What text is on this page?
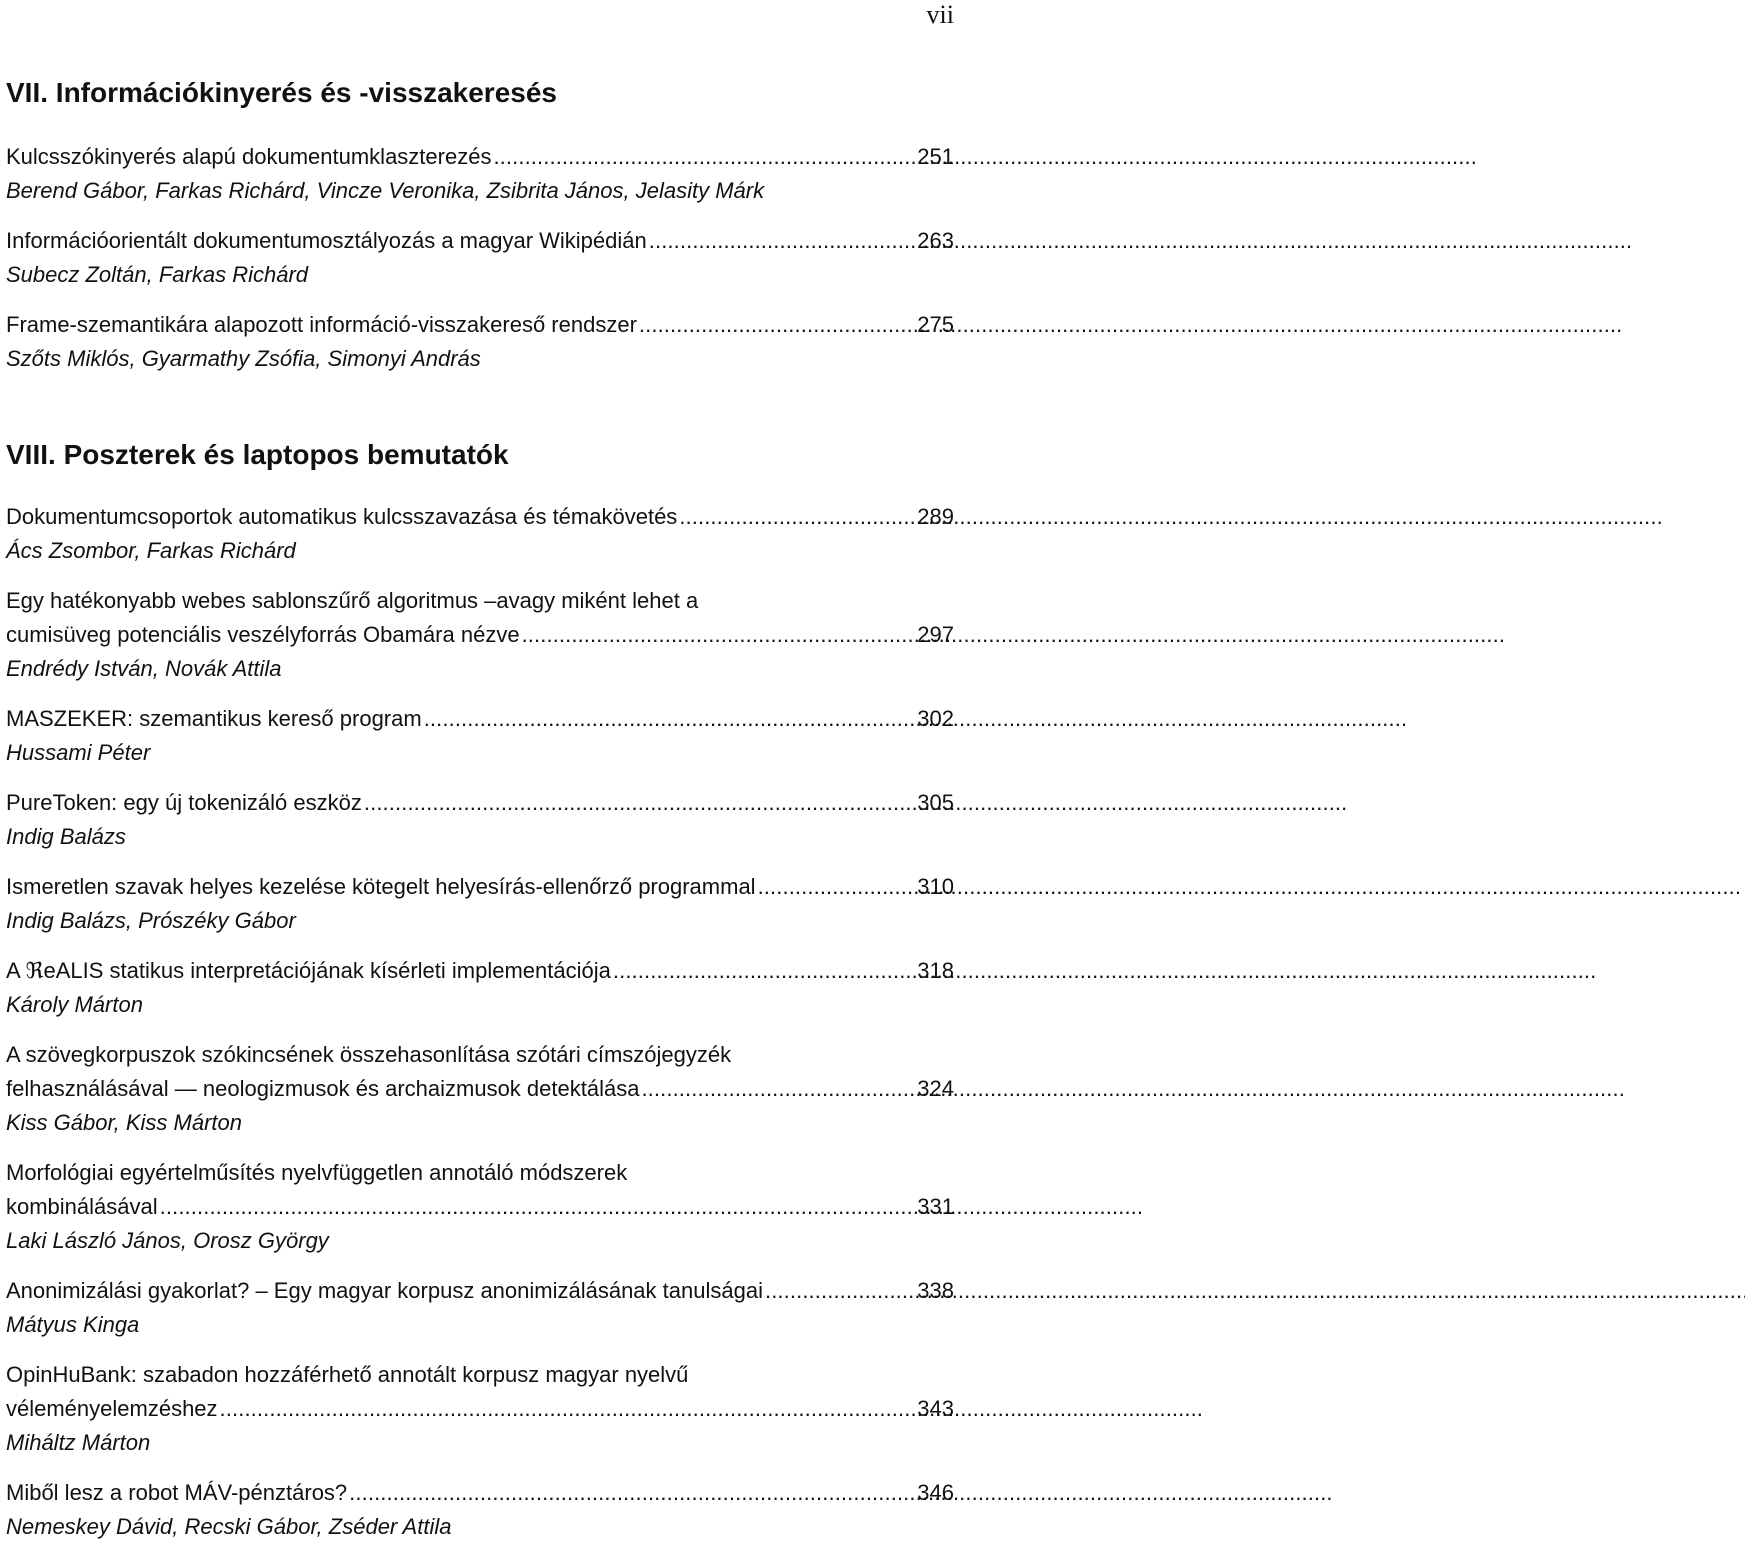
vii
VII. Információkinyerés és -visszakeresés
Kulcsszókinyerés alapú dokumentumklaszterezés . . .	251
Berend Gábor, Farkas Richárd, Vincze Veronika, Zsibrita János, Jelasity Márk
Információorientált dokumentumosztályozás a magyar Wikipédián . . .	263
Subecz Zoltán, Farkas Richárd
Frame-szemantikára alapozott információ-visszakereső rendszer . . .	275
Szőts Miklós, Gyarmathy Zsófia, Simonyi András
VIII. Poszterek és laptopos bemutatók
Dokumentumcsoportok automatikus kulcsszavazása és témakövetés . . .	289
Ács Zsombor, Farkas Richárd
Egy hatékonyabb webes sablonszűrő algoritmus –avagy miként lehet a
cumisüveg potenciális veszélyforrás Obamára nézve . . .	297
Endrédy István, Novák Attila
MASZEKER: szemantikus kereső program . . .	302
Hussami Péter
PureToken: egy új tokenizáló eszköz . . .	305
Indig Balázs
Ismeretlen szavak helyes kezelése kötegelt helyesírás-ellenőrző programmal . . .	310
Indig Balázs, Prószéky Gábor
A ℜeALIS statikus interpretációjának kísérleti implementációja . . .	318
Károly Márton
A szövegkorpuszok szókincsének összehasonlítása szótári címszójegyzék
felhasználásával — neologizmusok és archaizmusok detektálása . . .	324
Kiss Gábor, Kiss Márton
Morfológiai egyértelműsítés nyelvfüggetlen annotáló módszerek
kombinálásával . . .	331
Laki László János, Orosz György
Anonimizálási gyakorlat? – Egy magyar korpusz anonimizálásának tanulságai . . .	338
Mátyus Kinga
OpinHuBank: szabadon hozzáférhető annotált korpusz magyar nyelvű
véleményelemzéshez . . .	343
Miháltz Márton
Miből lesz a robot MÁV-pénztáros? . . .	346
Nemeskey Dávid, Recski Gábor, Zséder Attila
